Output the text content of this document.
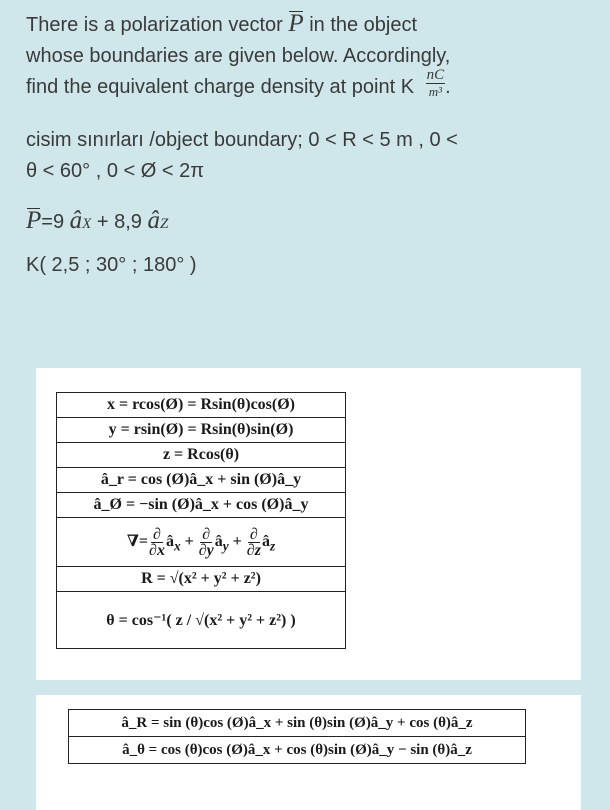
There is a polarization vector P in the object

whose boundaries are given below. Accordingly,

find the equivalent charge density at point K $\frac{nC}{\text{m³}}$ .

cisim sınırları /object boundary; 0 < R < 5 m , 0 <

θ < 60° , 0 < Ø < 2π

P=9 âX + 8,9 âZ

K( 2,5 ; 30° ; 180° )

x = rcos(Ø) = Rsin(θ)cos(Ø)
y = rsin(Ø) = Rsin(θ)sin(Ø)
z = Rcos(θ)
â_r = cos (Ø)â_x + sin (Ø)â_y
â_Ø = −sin (Ø)â_x + cos (Ø)â_y
∇= $\frac{\partial}{\partial x}$ $â_x + \frac{\partial}{\partial y}$ $â_y + \frac{\partial}{\partial z}$ $â_z$
R = √(x² + y² + z²)
θ = cos⁻¹( z / √(x² + y² + z²) )
â_R = sin (θ)cos (Ø)â_x + sin (θ)sin (Ø)â_y + cos (θ)â_z
â_θ = cos (θ)cos (Ø)â_x + cos (θ)sin (Ø)â_y − sin (θ)â_z
